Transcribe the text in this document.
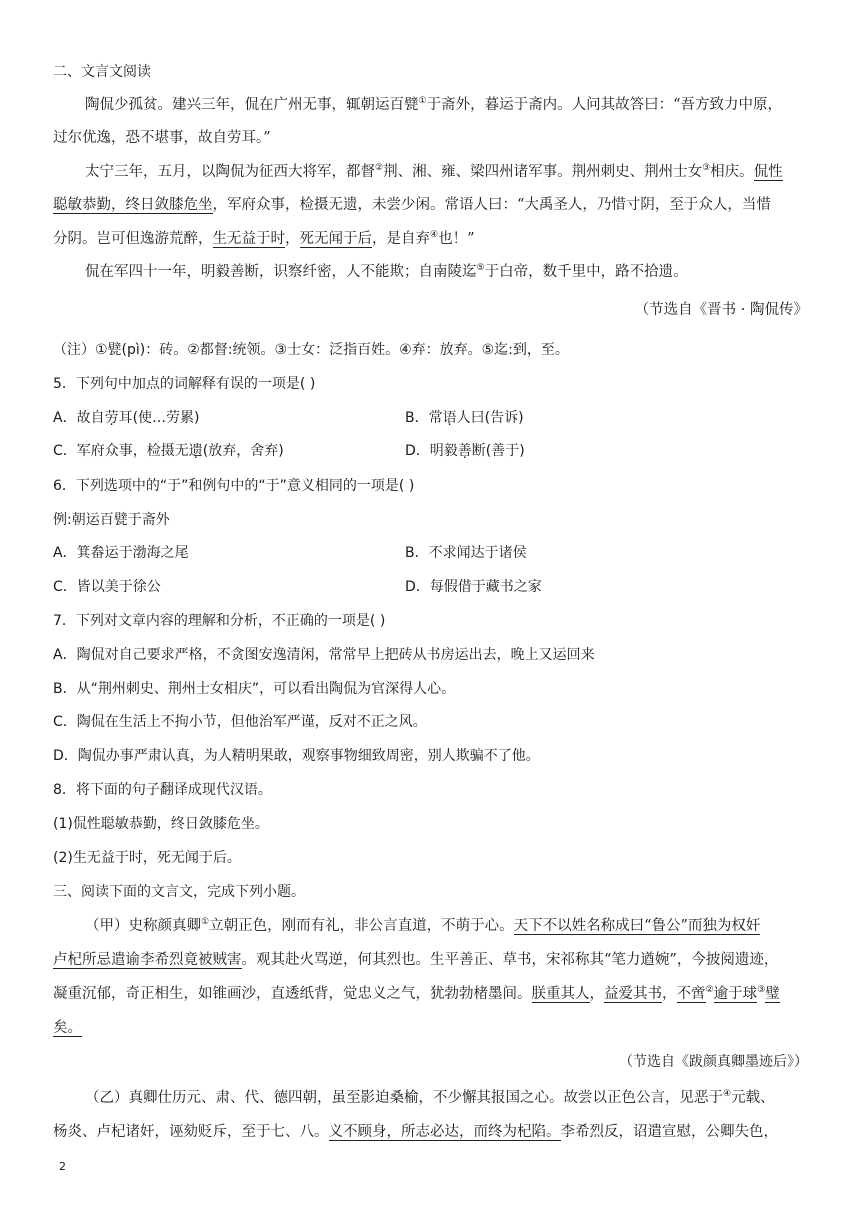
二、文言文阅读
陶侃少孤贫。建兴三年，侃在广州无事，辄朝运百甓①于斋外，暮运于斋内。人问其故答曰：“吾方致力中原，
过尔优逸，恐不堪事，故自劳耳。”
太宁三年，五月，以陶侃为征西大将军，都督②荆、湘、雍、梁四州诸军事。荆州刺史、荆州士女③相庆。侃性
聪敏恭勤，终日敛膝危坐，军府众事，检摄无遗，未尝少闲。常语人曰：“大禹圣人，乃惜寸阴，至于众人，当惜
分阴。岂可但逸游荒醉，生无益于时，死无闻于后，是自弃④也！”
侃在军四十一年，明毅善断，识察纤密，人不能欺；自南陵迄⑤于白帝，数千里中，路不拾遗。
（节选自《晋书 · 陶侃传》
（注）①甓(pì)：砖。②都督:统领。③士女：泛指百姓。④弃：放弃。⑤迄:到，至。
5．下列句中加点的词解释有误的一项是( )
A．故自劳耳(使…劳累)	B．常语人曰(告诉)
C．军府众事，检摄无遗(放弃，舍弃)	D．明毅善断(善于)
6．下列选项中的“于”和例句中的“于”意义相同的一项是( )
例:朝运百甓于斋外
A．箕畚运于渤海之尾	B．不求闻达于诸侯
C．皆以美于徐公	D．每假借于藏书之家
7．下列对文章内容的理解和分析，不正确的一项是( )
A．陶侃对自己要求严格，不贪图安逸清闲，常常早上把砖从书房运出去，晚上又运回来
B．从“荆州刺史、荆州士女相庆”，可以看出陶侃为官深得人心。
C．陶侃在生活上不拘小节，但他治军严谨，反对不正之风。
D．陶侃办事严肃认真，为人精明果敢，观察事物细致周密，别人欺骗不了他。
8．将下面的句子翻译成现代汉语。
(1)侃性聪敏恭勤，终日敛膝危坐。
(2)生无益于时，死无闻于后。
三、阅读下面的文言文，完成下列小题。
（甲）史称颜真卿①立朝正色，刚而有礼，非公言直道，不萌于心。天下不以姓名称成曰“鲁公”而独为权奸
卢杞所忌遣谕李希烈竟被贼害。观其赴火骂逆，何其烈也。生平善正、草书，宋祁称其“笔力遒婉”，今披阅遗迹，
凝重沉郁，奇正相生，如锥画沙，直透纸背，觉忠义之气，犹勃勃楮墨间。朕重其人，益爱其书，不啻②逾于球③璧
矣。
（节选自《跋颜真卿墨迹后》）
（乙）真卿仕历元、肃、代、德四朝，虽至影迫桑榆，不少懈其报国之心。故尝以正色公言，见恶于④元载、
杨炎、卢杞诸奸，诬劾贬斥，至于七、八。义不顾身，所志必达，而终为杞陷。李希烈反，诏遣宣慰，公卿失色，
2
